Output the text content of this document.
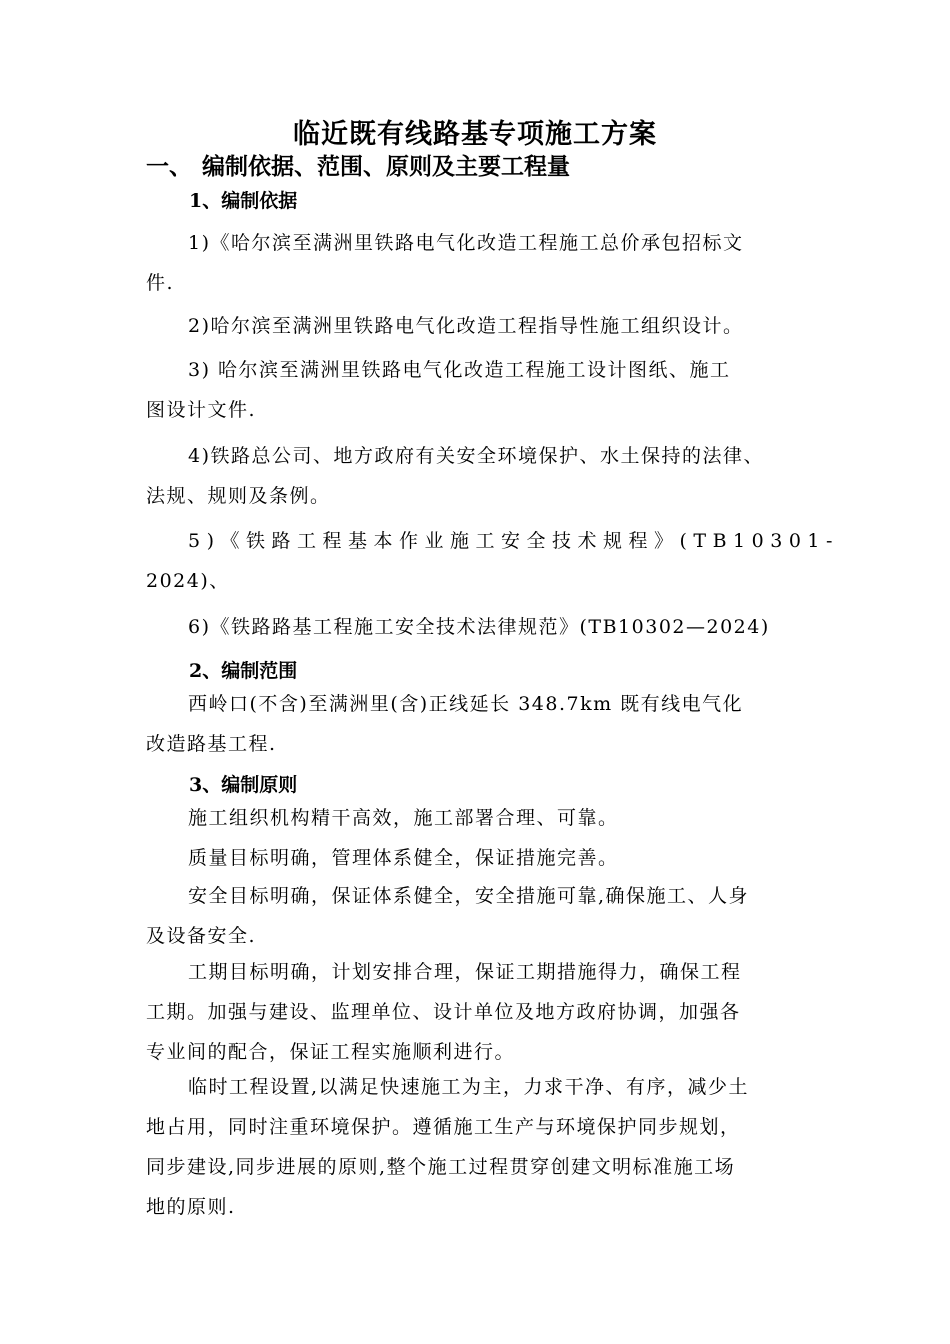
临近既有线路基专项施工方案
一、 编制依据、范围、原则及主要工程量
1、编制依据

1)《哈尔滨至满洲里铁路电气化改造工程施工总价承包招标文
件.

2)哈尔滨至满洲里铁路电气化改造工程指导性施工组织设计。

3) 哈尔滨至满洲里铁路电气化改造工程施工设计图纸、施工
图设计文件.

4)铁路总公司、地方政府有关安全环境保护、水土保持的法律、
法规、规则及条例。

5)《铁路工程基本作业施工安全技术规程》(TB10301-
2024)、

6)《铁路路基工程施工安全技术法律规范》(TB10302—2024)

2、编制范围

西岭口(不含)至满洲里(含)正线延长 348.7km 既有线电气化
改造路基工程.

3、编制原则

施工组织机构精干高效，施工部署合理、可靠。

质量目标明确，管理体系健全，保证措施完善。

安全目标明确，保证体系健全，安全措施可靠,确保施工、人身
及设备安全.

工期目标明确，计划安排合理，保证工期措施得力，确保工程
工期。加强与建设、监理单位、设计单位及地方政府协调，加强各
专业间的配合，保证工程实施顺利进行。

临时工程设置,以满足快速施工为主，力求干净、有序，减少土
地占用，同时注重环境保护。遵循施工生产与环境保护同步规划，
同步建设,同步进展的原则,整个施工过程贯穿创建文明标准施工场
地的原则.
